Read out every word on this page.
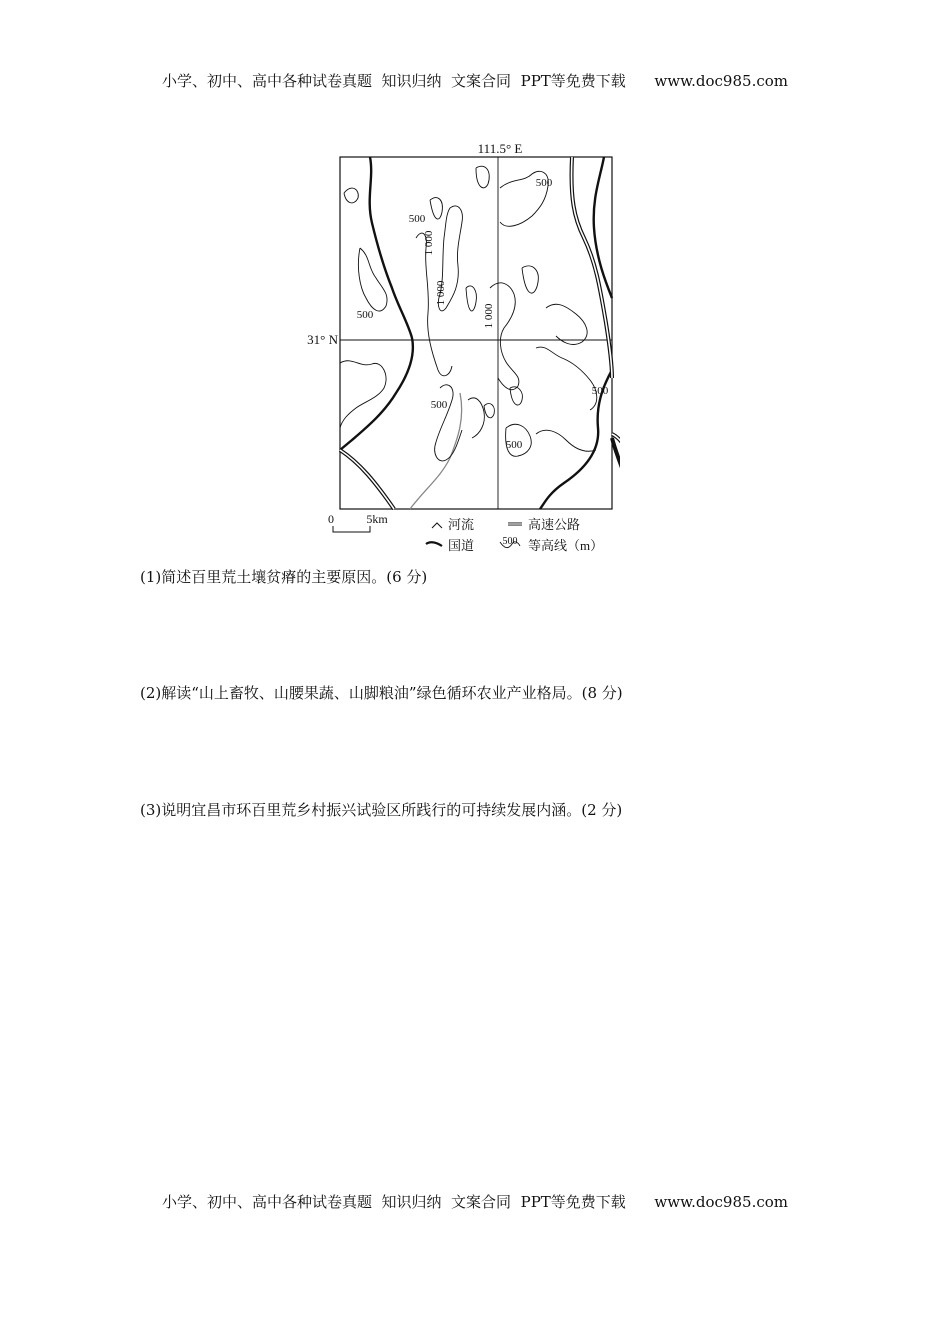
小学、初中、高中各种试卷真题  知识归纳  文案合同  PPT等免费下载      www.doc985.com
111.5° E
31° N
500
500
1 000
1 000
500	1 000
500
500
500
0	5km	河流	高速公路
国道	500 等高线（m）
(1)简述百里荒土壤贫瘠的主要原因。(6 分)
(2)解读“山上畜牧、山腰果蔬、山脚粮油”绿色循环农业产业格局。(8 分)
(3)说明宜昌市环百里荒乡村振兴试验区所践行的可持续发展内涵。(2 分)
小学、初中、高中各种试卷真题  知识归纳  文案合同  PPT等免费下载      www.doc985.com
